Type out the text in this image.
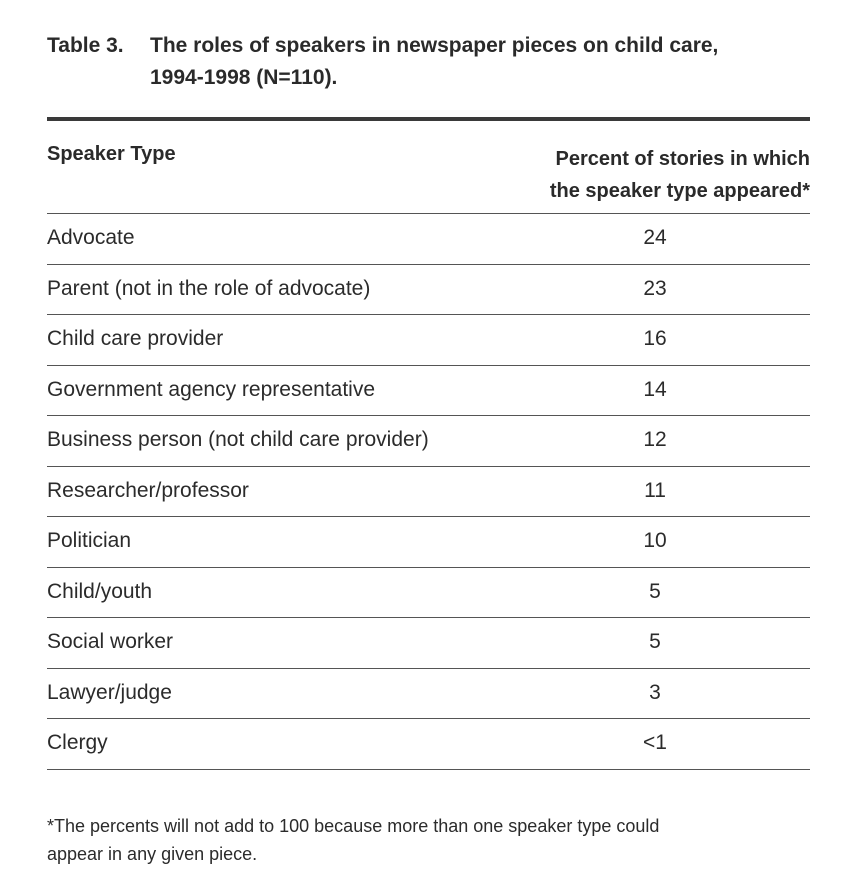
Table 3. The roles of speakers in newspaper pieces on child care,
1994-1998 (N=110).
Speaker Type	Percent of stories in which
the speaker type appeared*
Advocate	24
Parent (not in the role of advocate)	23
Child care provider	16
Government agency representative	14
Business person (not child care provider)	12
Researcher/professor	11
Politician	10
Child/youth	5
Social worker	5
Lawyer/judge	3
Clergy	<1
*The percents will not add to 100 because more than one speaker type could
appear in any given piece.
